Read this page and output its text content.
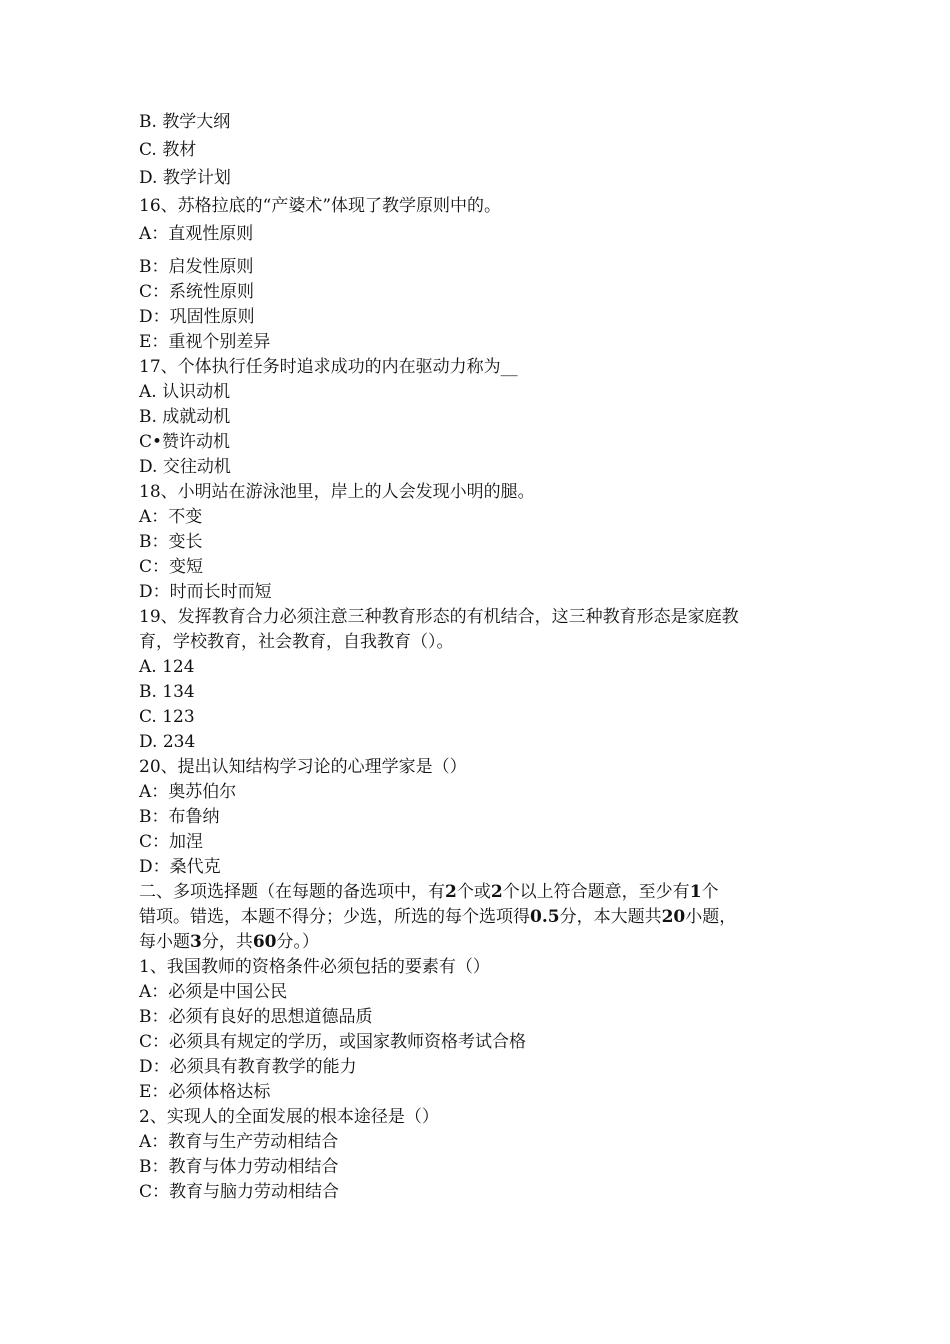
B. 教学大纲
C. 教材
D. 教学计划
16、苏格拉底的“产婆术”体现了教学原则中的。
A：直观性原则
B：启发性原则
C：系统性原则
D：巩固性原则
E：重视个别差异
17、个体执行任务时追求成功的内在驱动力称为__
A. 认识动机
B. 成就动机
C•赞许动机
D. 交往动机
18、小明站在游泳池里，岸上的人会发现小明的腿。
A：不变
B：变长
C：变短
D：时而长时而短
19、发挥教育合力必须注意三种教育形态的有机结合，这三种教育形态是家庭教
育，学校教育，社会教育，自我教育（）。
A. 124
B. 134
C. 123
D. 234
20、提出认知结构学习论的心理学家是（）
A：奥苏伯尔
B：布鲁纳
C：加涅
D：桑代克
二、多项选择题（在每题的备选项中，有2个或2个以上符合题意，至少有1个
错项。错选，本题不得分；少选，所选的每个选项得0.5分，本大题共20小题，
每小题3分，共60分。）
1、我国教师的资格条件必须包括的要素有（）
A：必须是中国公民
B：必须有良好的思想道德品质
C：必须具有规定的学历，或国家教师资格考试合格
D：必须具有教育教学的能力
E：必须体格达标
2、实现人的全面发展的根本途径是（）
A：教育与生产劳动相结合
B：教育与体力劳动相结合
C：教育与脑力劳动相结合
